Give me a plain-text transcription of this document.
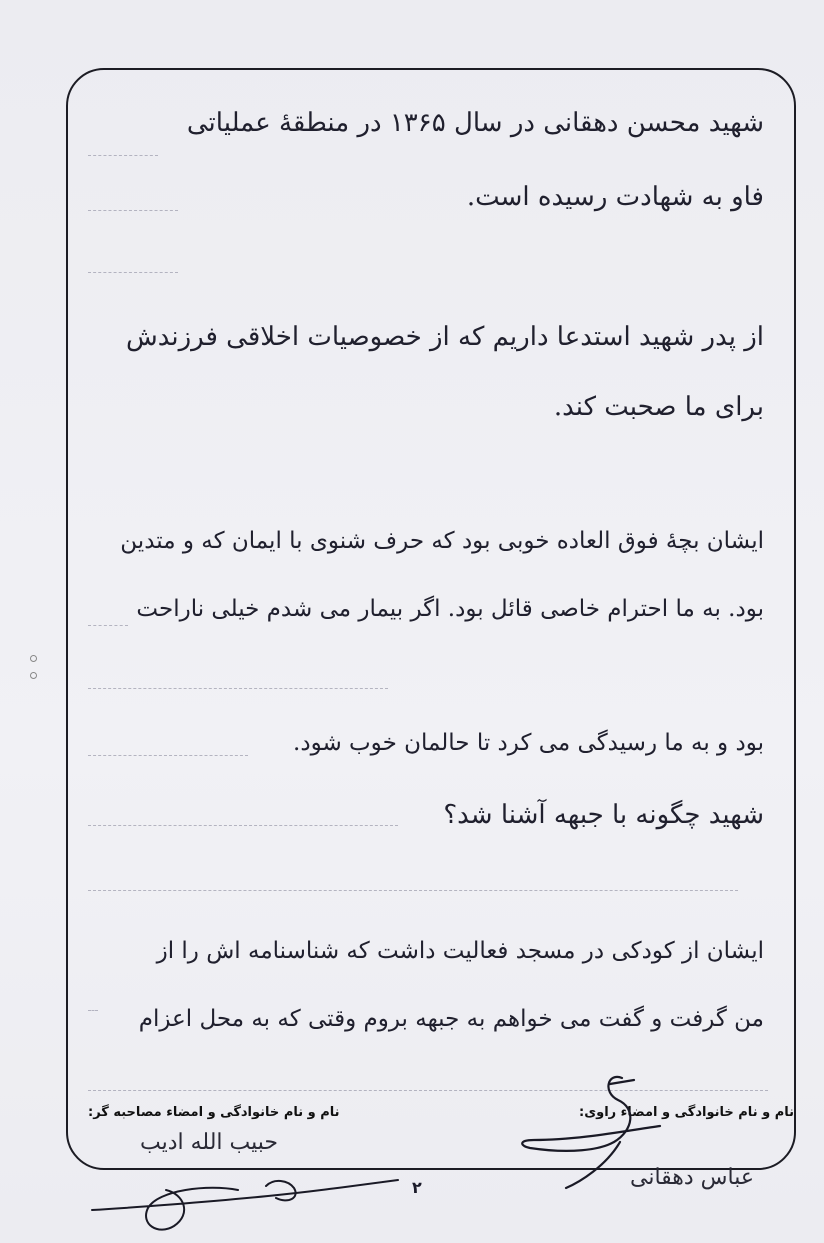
شهید محسن دهقانی در سال ۱۳۶۵ در منطقهٔ عملیاتی
فاو به شهادت رسیده است.
از پدر شهید استدعا داریم که از خصوصیات اخلاقی فرزندش
برای ما صحبت کند.
ایشان بچهٔ فوق العاده خوبی بود که حرف شنوی با ایمان که و متدین
بود. به ما احترام خاصی قائل بود. اگر بیمار می شدم خیلی ناراحت
بود و به ما رسیدگی می کرد تا حالمان خوب شود.
شهید چگونه با جبهه آشنا شد؟
ایشان از کودکی در مسجد فعالیت داشت که شناسنامه اش را از
من گرفت و گفت می خواهم به جبهه بروم وقتی که به محل اعزام
نام و نام خانوادگی و امضاء راوی:
نام و نام خانوادگی و امضاء مصاحبه گر:
حبیب الله ادیب
عباس دهقانی
۲
